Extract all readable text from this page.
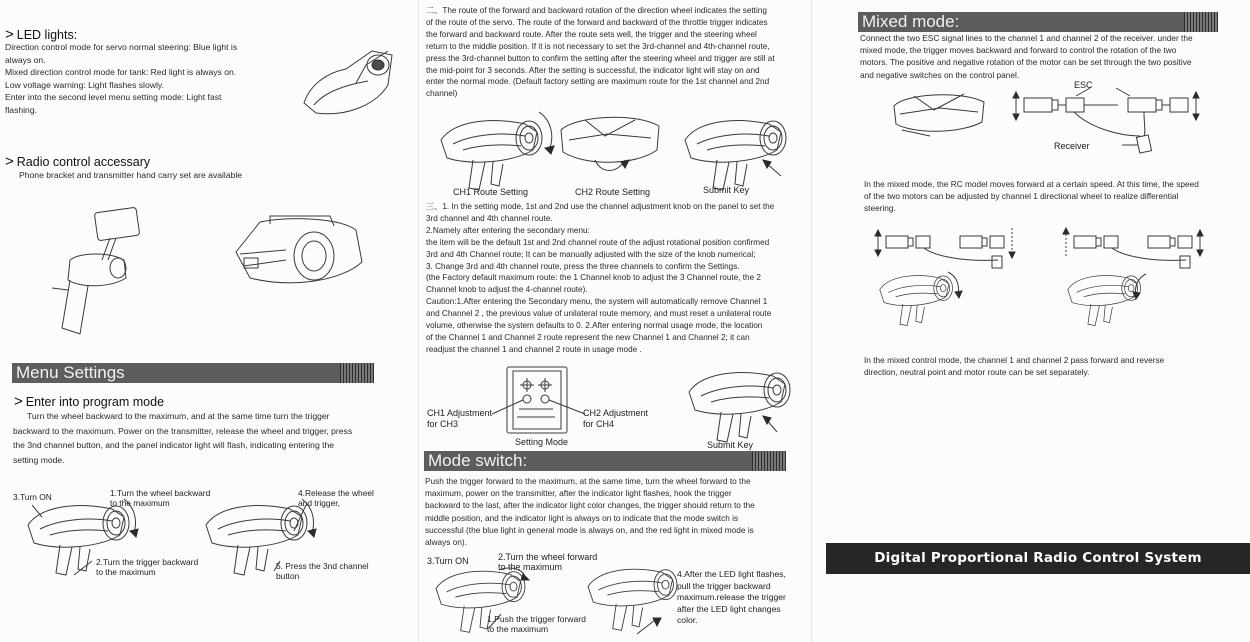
> LED lights:
Direction control mode for servo normal steering: Blue light is
always on.
Mixed direction control mode for tank: Red light is always on.
Low voltage warning: Light flashes slowly.
Enter into the second level menu setting mode: Light fast
flashing.
> Radio control accessary
Phone bracket and transmitter hand carry set are available
Menu Settings
> Enter into program mode
Turn the wheel backward to the maximum, and at the same time turn the trigger
backward to the maximum. Power on the transmitter, release the wheel and trigger, press
the 3nd channel button, and the panel indicator light will flash, indicating entering the
setting mode.
3.Turn ON	1.Turn the wheel backward
to the maximum
4.Release the wheel
and trigger,
2.Turn the trigger backward
to the maximum
5. Press the 3nd channel
button
二、The route of the forward and backward rotation of the direction wheel indicates the setting
of the route of the servo. The route of the forward and backward of the throttle trigger indicates
the forward and backward route. After the route sets well, the trigger and the steering wheel
return to the middle position. If it is not necessary to set the 3rd-channel and 4th-channel route,
press the 3rd-channel button to confirm the setting after the steering wheel and trigger are still at
the mid-point for 3 seconds. After the setting is successful, the indicator light will stay on and
enter the normal mode. (Default factory setting are maximum route for the 1st channel and 2nd
channel)
CH1 Route Setting	CH2 Route Setting	Submit Key
三、1. In the setting mode, 1st and 2nd use the channel adjustment knob on the panel to set the
3rd channel and 4th channel route.
2.Namely after entering the secondary menu:
the item will be the default 1st and 2nd channel route of the adjust rotational position confirmed
3rd and 4th Channel route; It can be manually adjusted with the size of the knob numerical;
3. Change 3rd and 4th channel route, press the three channels to confirm the Settings.
(the Factory default maximum route: the 1 Channel knob to adjust the 3 Channel route, the 2
Channel knob to adjust the 4-channel route).
Caution:1.After entering the Secondary menu, the system will automatically remove Channel 1
and Channel 2 , the previous value of unilateral route memory, and must reset a unilateral route
volume, otherwise the system defaults to 0. 2.After entering normal usage mode, the location
of the Channel 1 and Channel 2 route represent the new Channel 1 and Channel 2; it can
readjust the channel 1 and channel 2 route in usage mode .
CH1 Adjustment
for CH3
CH2 Adjustment
for CH4
Setting Mode	Submit Key
Mode switch:
Push the trigger forward to the maximum, at the same time, turn the wheel forward to the
maximum, power on the transmitter, after the indicator light flashes, hook the trigger
backward to the last, after the indicator light color changes, the trigger should return to the
middle position, and the indicator light is always on to indicate that the mode switch is
successful (the blue light in general mode is always on, and the red light in mixed mode is
always on).
3.Turn ON	2.Turn the wheel forward
to the maximum
1.Push the trigger forward
to the maximum
4.After the LED light flashes,
pull the trigger backward
maximum.release the trigger
after the LED light changes
color.
Mixed mode:
Connect the two ESC signal lines to the channel 1 and channel 2 of the receiver. under the
mixed mode, the trigger moves backward and forward to control the rotation of the two
motors. The positive and negative rotation of the motor can be set through the two positive
and negative switches on the control panel.
ESC
Receiver
In the mixed mode, the RC model moves forward at a certain speed. At this time, the speed
of the two motors can be adjusted by channel 1 directional wheel to realize differential
steering.
In the mixed control mode, the channel 1 and channel 2 pass forward and reverse
direction, neutral point and motor route can be set separately.
Digital Proportional Radio Control System
